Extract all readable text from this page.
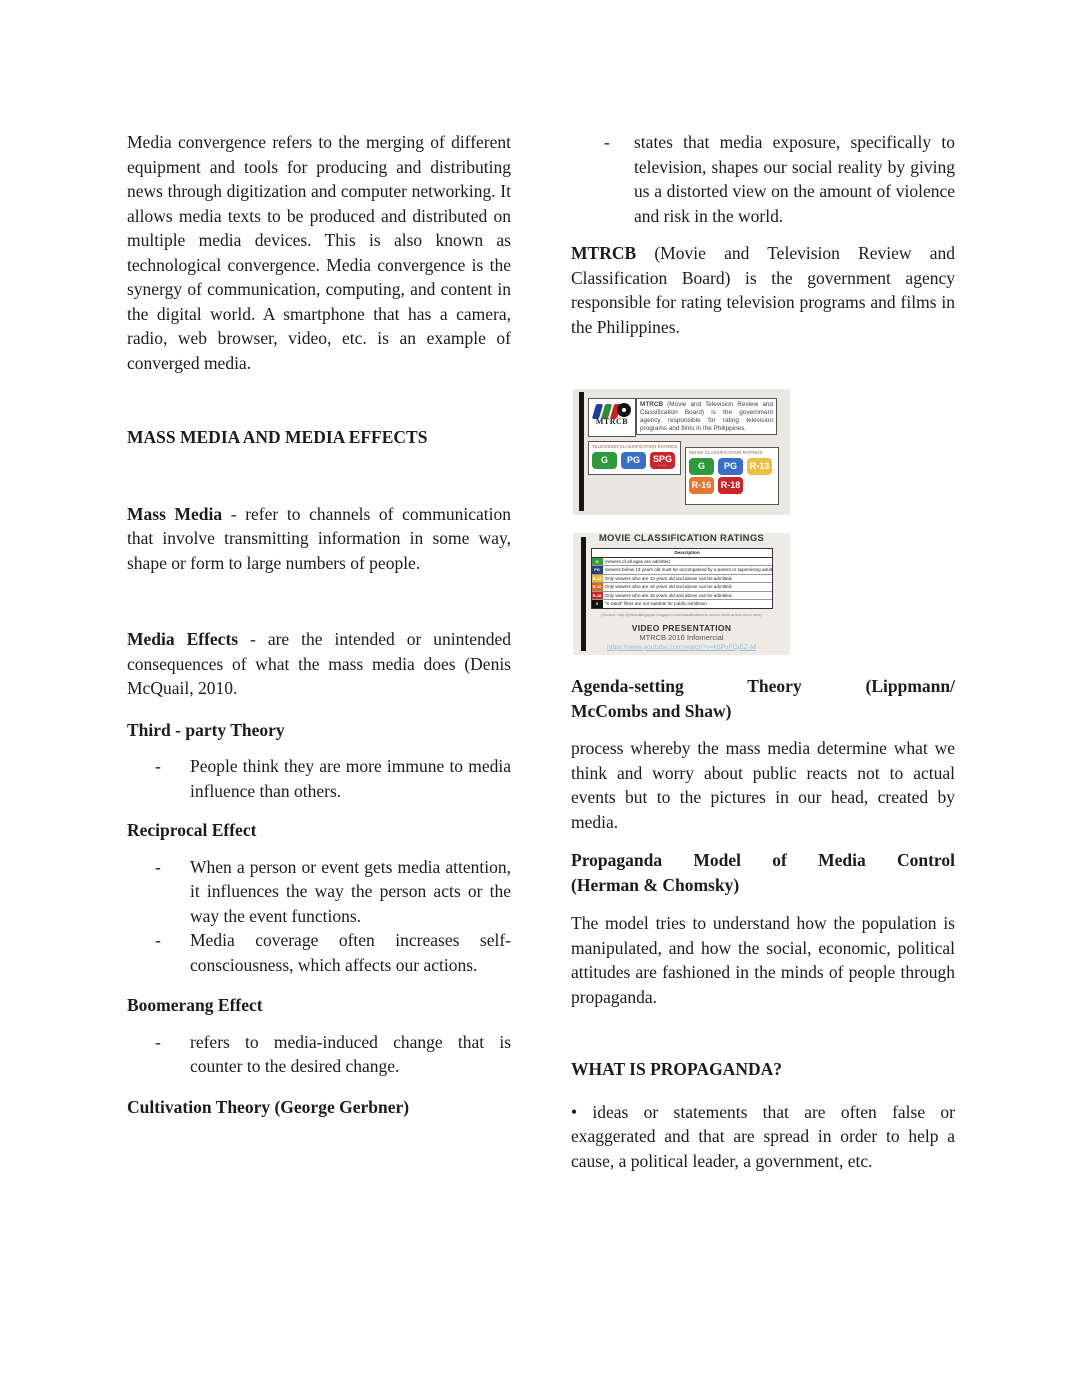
Media convergence refers to the merging of different equipment and tools for producing and distributing news through digitization and computer networking. It allows media texts to be produced and distributed on multiple media devices. This is also known as technological convergence. Media convergence is the synergy of communication, computing, and content in the digital world. A smartphone that has a camera, radio, web browser, video, etc. is an example of converged media.

MASS MEDIA AND MEDIA EFFECTS

Mass Media - refer to channels of communication that involve transmitting information in some way, shape or form to large numbers of people.

Media Effects - are the intended or unintended consequences of what the mass media does (Denis McQuail, 2010.

Third - party Theory
- People think they are more immune to media influence than others.
Reciprocal Effect
- When a person or event gets media attention, it influences the way the person acts or the way the event functions.
- Media coverage often increases self-consciousness, which affects our actions.
Boomerang Effect
- refers to media-induced change that is counter to the desired change.
Cultivation Theory (George Gerbner)
- states that media exposure, specifically to television, shapes our social reality by giving us a distorted view on the amount of violence and risk in the world.

MTRCB (Movie and Television Review and Classification Board) is the government agency responsible for rating television programs and films in the Philippines.

MTRCB
MTRCB (Movie and Television Review and Classification Board) is the government agency responsible for rating television programs and films in the Philippines.
TELEVISION CLASSIFICATION RATINGS
G	PG	SPG
•••••
MOVIE CLASSIFICATION RATINGS
G	PG	R-13
R-16	R-18
MOVIE CLASSIFICATION RATINGS
Description
G	Viewers of all ages are admitted.
PG	Viewers below 13 years old must be accompanied by a parent or supervising adult.
R-13 Only viewers who are 13 years old and above can be admitted.
R-16 Only viewers who are 16 years old and above can be admitted.
R-18 Only viewers who are 18 years old and above can be admitted.
X	"X-rated" films are not suitable for public exhibition.
(Source: http://jefelicdangayon.blogspot.com/classification-in-which-what-article-does.html)
VIDEO PRESENTATION
MTRCB 2016 Infomercial
https://www.youtube.com/watch?v=k6PvFQjEZ-M
Agenda-setting Theory (Lippmann/
McCombs and Shaw)

process whereby the mass media determine what we think and worry about public reacts not to actual events but to the pictures in our head, created by media.

Propaganda Model of Media Control
(Herman & Chomsky)

The model tries to understand how the population is manipulated, and how the social, economic, political attitudes are fashioned in the minds of people through propaganda.

WHAT IS PROPAGANDA?

• ideas or statements that are often false or exaggerated and that are spread in order to help a cause, a political leader, a government, etc.
